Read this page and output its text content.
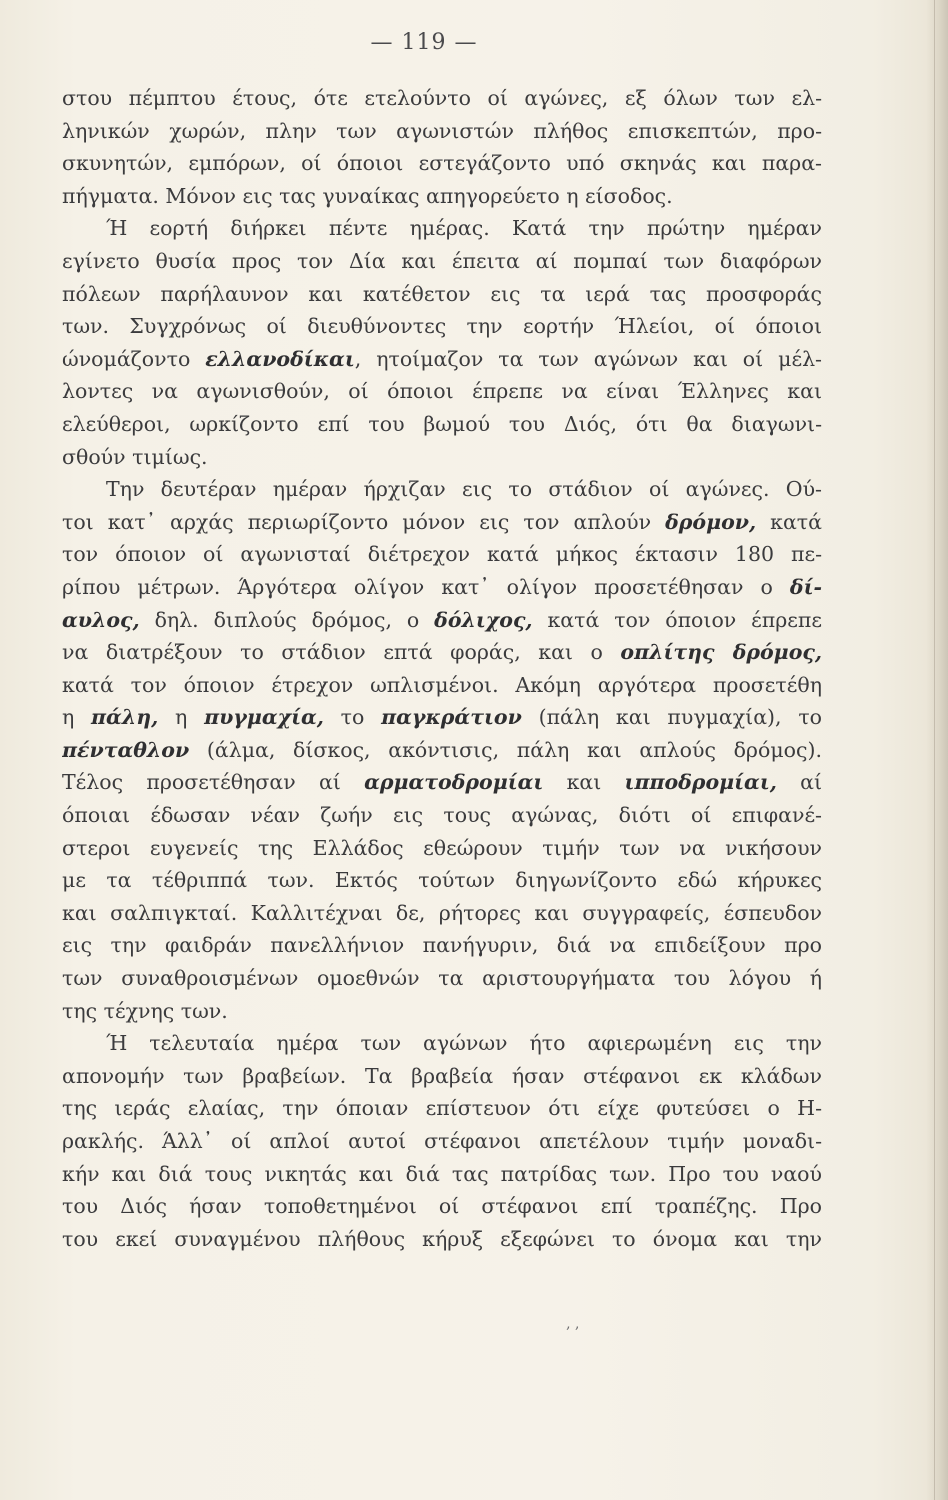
— 119 —
στου πέμπτου έτους, ότε ετελούντο οί αγώνες, εξ όλων των ελ-
ληνικών χωρών, πλην των αγωνιστών πλήθος επισκεπτών, προ-
σκυνητών, εμπόρων, οί όποιοι εστεγάζοντο υπό σκηνάς και παρα-
πήγματα. Μόνον εις τας γυναίκας απηγορεύετο η είσοδος.
Ή εορτή διήρκει πέντε ημέρας. Κατά την πρώτην ημέραν
εγίνετο θυσία προς τον Δία και έπειτα αί πομπαί των διαφόρων
πόλεων παρήλαυνον και κατέθετον εις τα ιερά τας προσφοράς
των. Συγχρόνως οί διευθύνοντες την εορτήν Ήλείοι, οί όποιοι
ώνομάζοντο ελλανοδίκαι, ητοίμαζον τα των αγώνων και οί μέλ-
λοντες να αγωνισθούν, οί όποιοι έπρεπε να είναι Έλληνες και
ελεύθεροι, ωρκίζοντο επί του βωμού του Διός, ότι θα διαγωνι-
σθούν τιμίως.
Την δευτέραν ημέραν ήρχιζαν εις το στάδιον οί αγώνες. Ού-
τοι κατ᾽ αρχάς περιωρίζοντο μόνον εις τον απλούν δρόμον, κατά
τον όποιον οί αγωνισταί διέτρεχον κατά μήκος έκτασιν 180 πε-
ρίπου μέτρων. Άργότερα ολίγον κατ᾽ ολίγον προσετέθησαν ο δί-
αυλος, δηλ. διπλούς δρόμος, ο δόλιχος, κατά τον όποιον έπρεπε
να διατρέξουν το στάδιον επτά φοράς, και ο οπλίτης δρόμος,
κατά τον όποιον έτρεχον ωπλισμένοι. Ακόμη αργότερα προσετέθη
η πάλη, η πυγμαχία, το παγκράτιον (πάλη και πυγμαχία), το
πένταθλον (άλμα, δίσκος, ακόντισις, πάλη και απλούς δρόμος).
Τέλος προσετέθησαν αί αρματοδρομίαι και ιπποδρομίαι, αί
όποιαι έδωσαν νέαν ζωήν εις τους αγώνας, διότι οί επιφανέ-
στεροι ευγενείς της Ελλάδος εθεώρουν τιμήν των να νικήσουν
με τα τέθριππά των. Εκτός τούτων διηγωνίζοντο εδώ κήρυκες
και σαλπιγκταί. Καλλιτέχναι δε, ρήτορες και συγγραφείς, έσπευδον
εις την φαιδράν πανελλήνιον πανήγυριν, διά να επιδείξουν προ
των συναθροισμένων ομοεθνών τα αριστουργήματα του λόγου ή
της τέχνης των.
Ή τελευταία ημέρα των αγώνων ήτο αφιερωμένη εις την
απονομήν των βραβείων. Τα βραβεία ήσαν στέφανοι εκ κλάδων
της ιεράς ελαίας, την όποιαν επίστευον ότι είχε φυτεύσει ο Η-
ρακλής. Άλλ᾽ οί απλοί αυτοί στέφανοι απετέλουν τιμήν μοναδι-
κήν και διά τους νικητάς και διά τας πατρίδας των. Προ του ναού
του Διός ήσαν τοποθετημένοι οί στέφανοι επί τραπέζης. Προ
του εκεί συναγμένου πλήθους κήρυξ εξεφώνει το όνομα και την
‚ ‚
